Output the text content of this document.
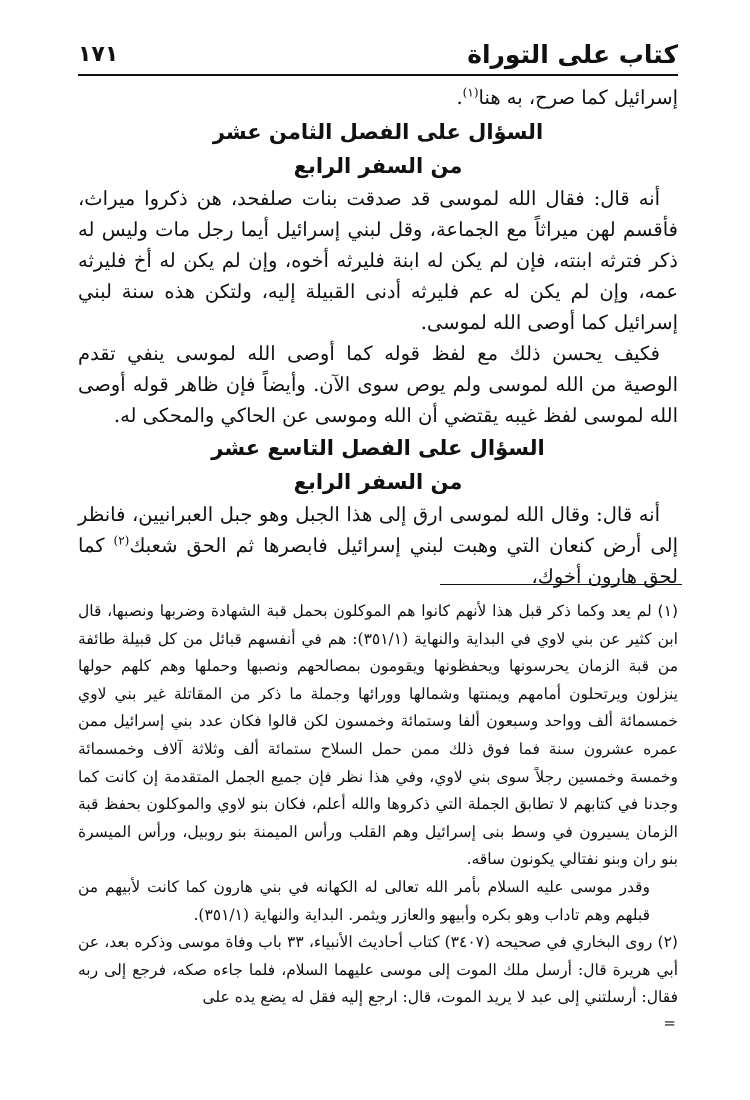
كتاب على التوراة
١٧١

إسرائيل كما صرح، به هنا$^{(١)}$.

السؤال على الفصل الثامن عشر

من السفر الرابع

أنه قال: فقال الله لموسى قد صدقت بنات صلفحد، هن ذكروا ميراث، فأقسم لهن ميراثاً مع الجماعة، وقل لبني إسرائيل أيما رجل مات وليس له ذكر فترثه ابنته، فإن لم يكن له ابنة فليرثه أخوه، وإن لم يكن له أخ فليرثه عمه، وإن لم يكن له عم فليرثه أدنى القبيلة إليه، ولتكن هذه سنة لبني إسرائيل كما أوصى الله لموسى.

فكيف يحسن ذلك مع لفظ قوله كما أوصى الله لموسى ينفي تقدم الوصية من الله لموسى ولم يوص سوى الآن. وأيضاً فإن ظاهر قوله أوصى الله لموسى لفظ غيبه يقتضي أن الله وموسى عن الحاكي والمحكى له.

السؤال على الفصل التاسع عشر

من السفر الرابع

أنه قال: وقال الله لموسى ارق إلى هذا الجبل وهو جبل العبرانيين، فانظر إلى أرض كنعان التي وهبت لبني إسرائيل فابصرها ثم الحق شعبك$^{(٢)}$ كما لحق هارون أخوك،

(١) لم يعد وكما ذكر قبل هذا لأنهم كانوا هم الموكلون بحمل قبة الشهادة وضربها ونصبها، قال ابن كثير عن بني لاوي في البداية والنهاية (٣٥١/١): هم في أنفسهم قبائل من كل قبيلة طائفة من قبة الزمان يحرسونها ويحفظونها ويقومون بمصالحهم ونصبها وحملها وهم كلهم حولها ينزلون ويرتحلون أمامهم ويمنتها وشمالها وورائها وجملة ما ذكر من المقاتلة غير بني لاوي خمسمائة ألف وواحد وسبعون ألفا وستمائة وخمسون لكن قالوا فكان عدد بني إسرائيل ممن عمره عشرون سنة فما فوق ذلك ممن حمل السلاح ستمائة ألف وثلاثة آلاف وخمسمائة وخمسة وخمسين رجلاً سوى بني لاوي، وفي هذا نظر فإن جميع الجمل المتقدمة إن كانت كما وجدنا في كتابهم لا تطابق الجملة التي ذكروها والله أعلم، فكان بنو لاوي والموكلون بحفظ قبة الزمان يسيرون في وسط بنى إسرائيل وهم القلب ورأس الميمنة بنو روبيل، ورأس الميسرة بنو ران وبنو نفتالي يكونون ساقه.

وقدر موسى عليه السلام بأمر الله تعالى له الكهانه في بني هارون كما كانت لأبيهم من قبلهم وهم تاداب وهو بكره وأبيهو والعازر ويثمر. البداية والنهاية (٣٥١/١).

(٢) روى البخاري في صحيحه (٣٤٠٧) كتاب أحاديث الأنبياء، ٣٣ باب وفاة موسى وذكره بعد، عن أبي هريرة قال: أرسل ملك الموت إلى موسى عليهما السلام، فلما جاءه صكه، فرجع إلى ربه فقال: أرسلتني إلى عبد لا يريد الموت، قال: ارجع إليه فقل له يضع يده على

=
